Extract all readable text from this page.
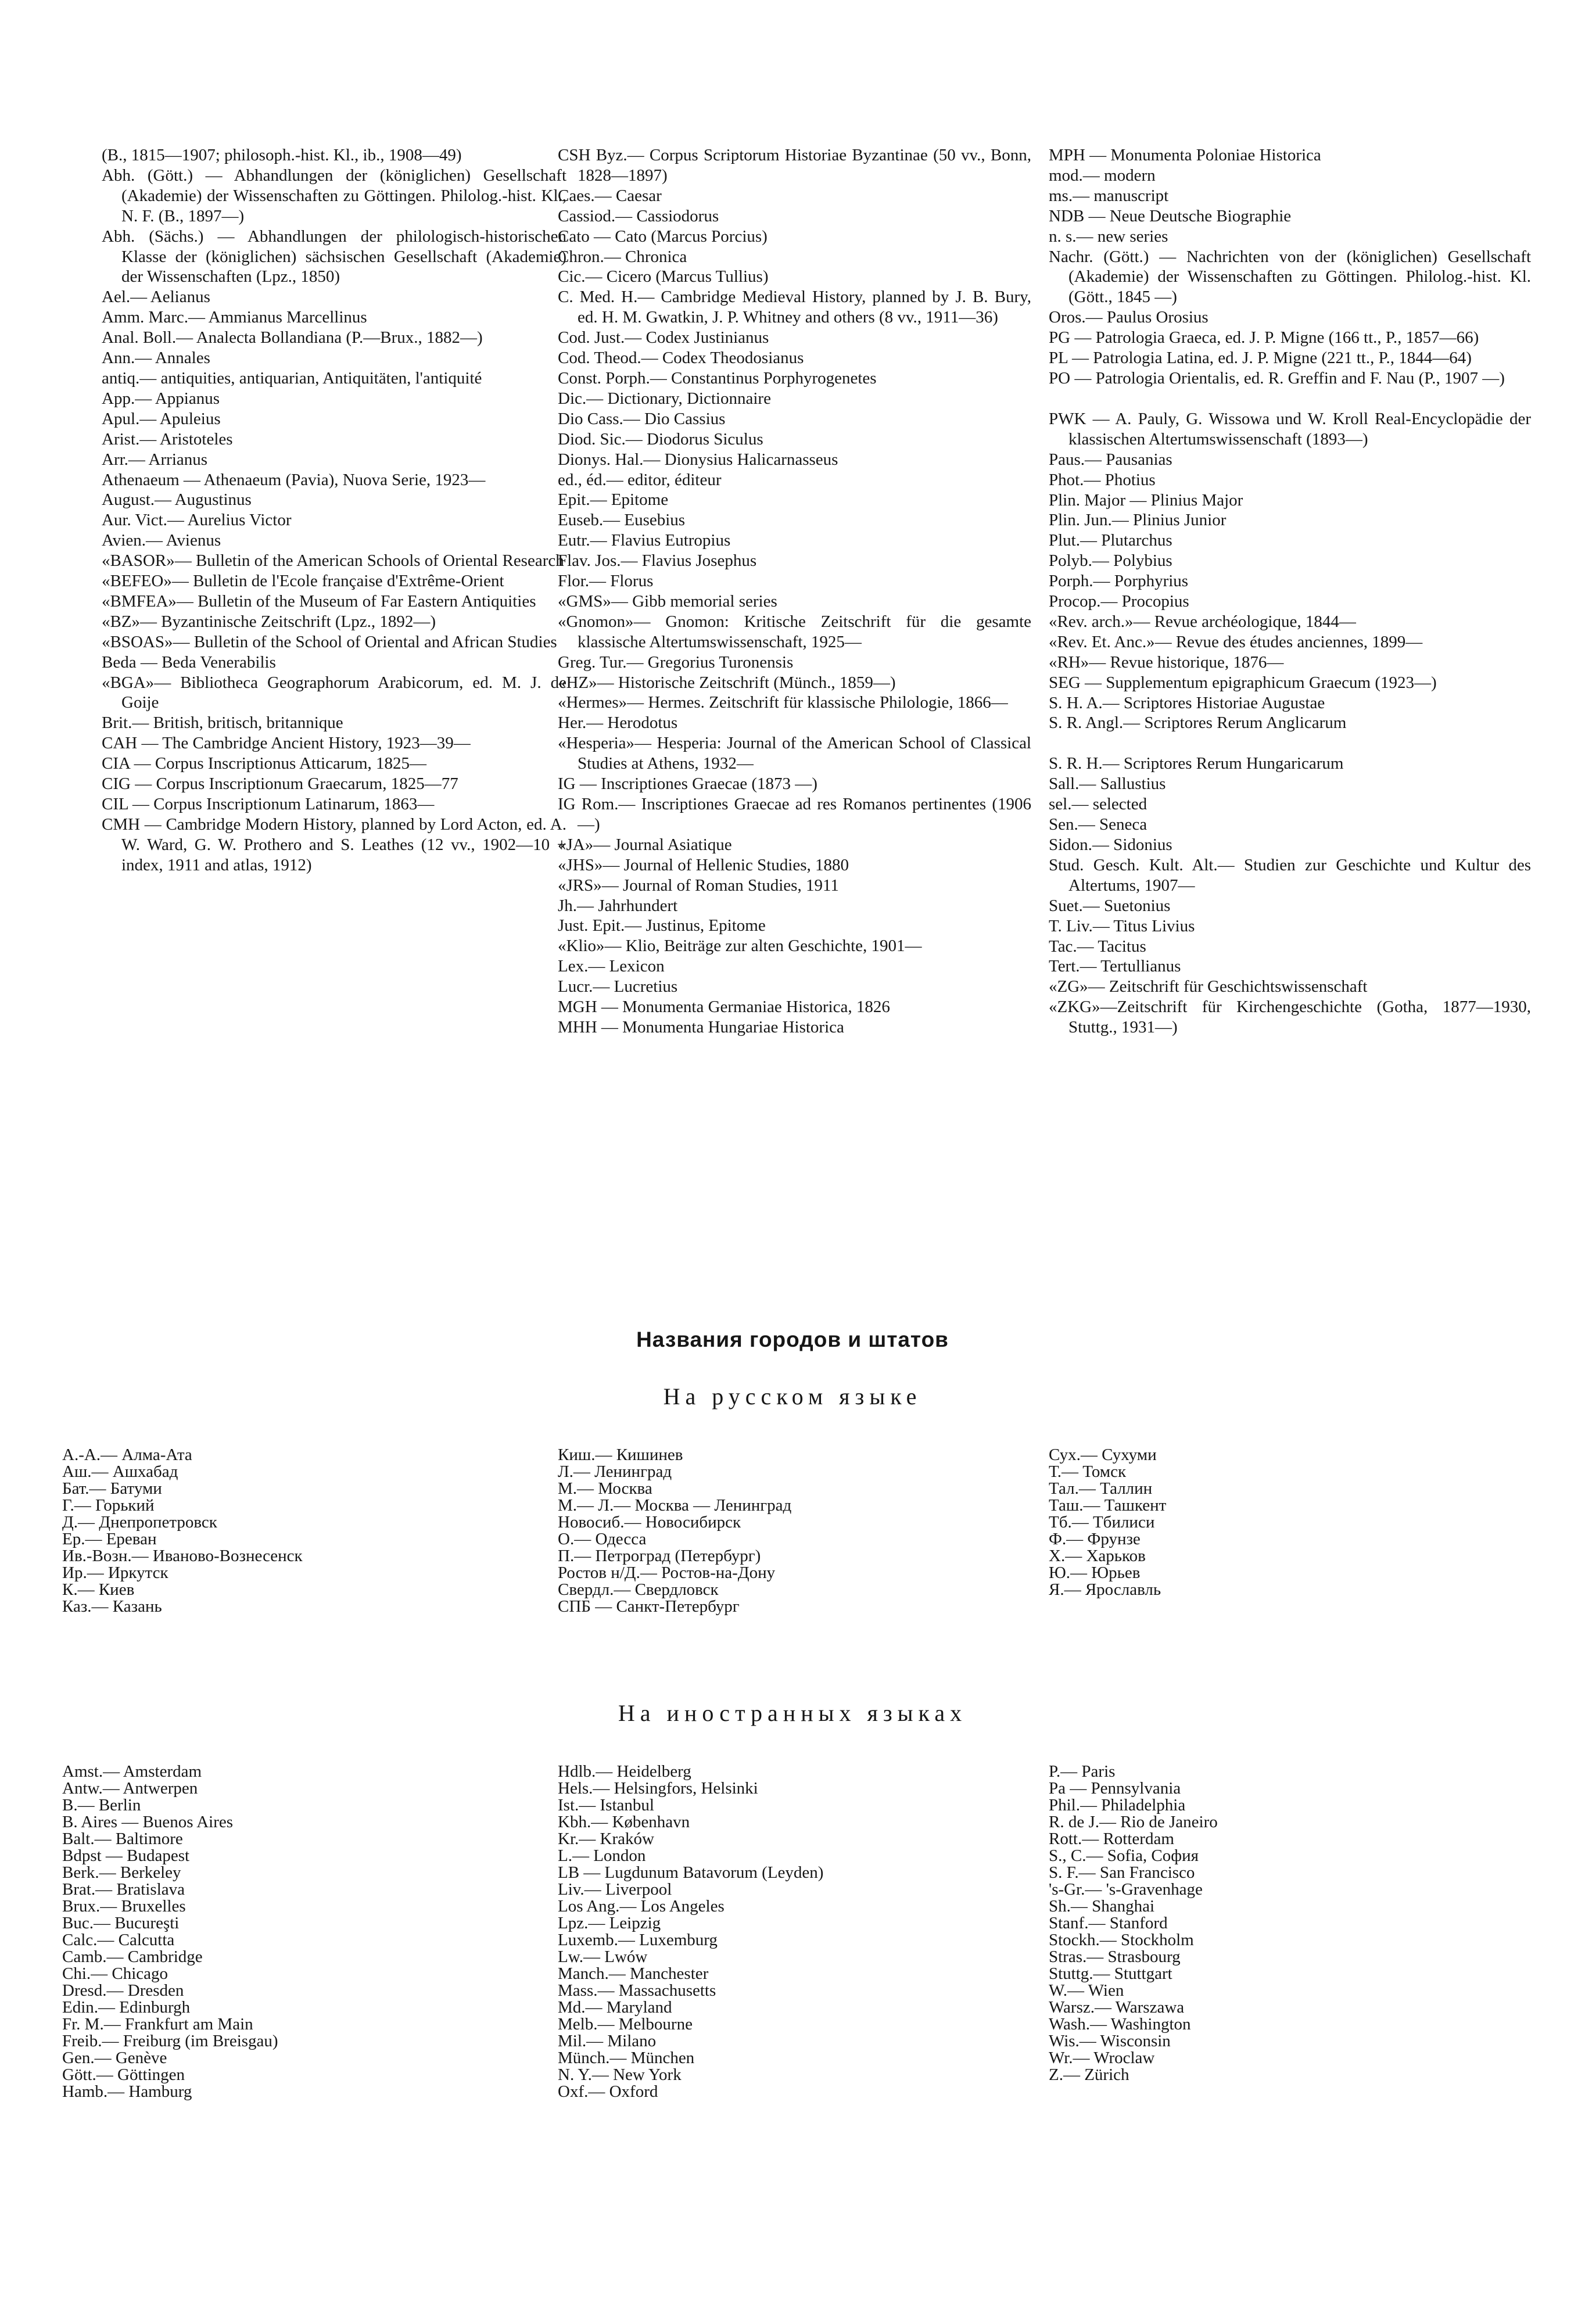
(B., 1815—1907; philosoph.-hist. Kl., ib., 1908—49)
Abh. (Gött.) — Abhandlungen der (königlichen) Gesellschaft (Akademie) der Wissenschaften zu Göttingen. Philolog.-hist. Kl., N. F. (B., 1897—)
Abh. (Sächs.) — Abhandlungen der philologisch-historischen Klasse der (königlichen) sächsischen Gesellschaft (Akademie) der Wissenschaften (Lpz., 1850)
Ael.— Aelianus
Amm. Marc.— Ammianus Marcellinus
Anal. Boll.— Analecta Bollandiana (P.—Brux., 1882—)
Ann.— Annales
antiq.— antiquities, antiquarian, Antiquitäten, l'antiquité
App.— Appianus
Apul.— Apuleius
Arist.— Aristoteles
Arr.— Arrianus
Athenaeum — Athenaeum (Pavia), Nuova Serie, 1923—
August.— Augustinus
Aur. Vict.— Aurelius Victor
Avien.— Avienus
«BASOR»— Bulletin of the American Schools of Oriental Research
«BEFEO»— Bulletin de l'Ecole française d'Extrême-Orient
«BMFEA»— Bulletin of the Museum of Far Eastern Antiquities
«BZ»— Byzantinische Zeitschrift (Lpz., 1892—)
«BSOAS»— Bulletin of the School of Oriental and African Studies
Beda — Beda Venerabilis
«BGA»— Bibliotheca Geographorum Arabicorum, ed. M. J. de Goije
Brit.— British, britisch, britannique
CAH — The Cambridge Ancient History, 1923—39—
CIA — Corpus Inscriptionus Atticarum, 1825—
CIG — Corpus Inscriptionum Graecarum, 1825—77
CIL — Corpus Inscriptionum Latinarum, 1863—
CMH — Cambridge Modern History, planned by Lord Acton, ed. A. W. Ward, G. W. Prothero and S. Leathes (12 vv., 1902—10 + index, 1911 and atlas, 1912)
CSH Byz.— Corpus Scriptorum Historiae Byzantinae (50 vv., Bonn, 1828—1897)
Caes.— Caesar
Cassiod.— Cassiodorus
Cato — Cato (Marcus Porcius)
Chron.— Chronica
Cic.— Cicero (Marcus Tullius)
C. Med. H.— Cambridge Medieval History, planned by J. B. Bury, ed. H. M. Gwatkin, J. P. Whitney and others (8 vv., 1911—36)
Cod. Just.— Codex Justinianus
Cod. Theod.— Codex Theodosianus
Const. Porph.— Constantinus Porphyrogenetes
Dic.— Dictionary, Dictionnaire
Dio Cass.— Dio Cassius
Diod. Sic.— Diodorus Siculus
Dionys. Hal.— Dionysius Halicarnasseus
ed., éd.— editor, éditeur
Epit.— Epitome
Euseb.— Eusebius
Eutr.— Flavius Eutropius
Flav. Jos.— Flavius Josephus
Flor.— Florus
«GMS»— Gibb memorial series
«Gnomon»— Gnomon: Kritische Zeitschrift für die gesamte klassische Altertumswissenschaft, 1925—
Greg. Tur.— Gregorius Turonensis
«HZ»— Historische Zeitschrift (Münch., 1859—)
«Hermes»— Hermes. Zeitschrift für klassische Philologie, 1866—
Her.— Herodotus
«Hesperia»— Hesperia: Journal of the American School of Classical Studies at Athens, 1932—
IG — Inscriptiones Graecae (1873 —)
IG Rom.— Inscriptiones Graecae ad res Romanos pertinentes (1906 —)
«JA»— Journal Asiatique
«JHS»— Journal of Hellenic Studies, 1880
«JRS»— Journal of Roman Studies, 1911
Jh.— Jahrhundert
Just. Epit.— Justinus, Epitome
«Klio»— Klio, Beiträge zur alten Geschichte, 1901—
Lex.— Lexicon
Lucr.— Lucretius
MGH — Monumenta Germaniae Historica, 1826
MHH — Monumenta Hungariae Historica
MPH — Monumenta Poloniae Historica
mod.— modern
ms.— manuscript
NDB — Neue Deutsche Biographie
n. s.— new series
Nachr. (Gött.) — Nachrichten von der (königlichen) Gesellschaft (Akademie) der Wissenschaften zu Göttingen. Philolog.-hist. Kl. (Gött., 1845 —)
Oros.— Paulus Orosius
PG — Patrologia Graeca, ed. J. P. Migne (166 tt., P., 1857—66)
PL — Patrologia Latina, ed. J. P. Migne (221 tt., P., 1844—64)
PO — Patrologia Orientalis, ed. R. Greffin and F. Nau (P., 1907 —)
PWK — A. Pauly, G. Wissowa und W. Kroll Real-Encyclopädie der klassischen Altertumswissenschaft (1893—)
Paus.— Pausanias
Phot.— Photius
Plin. Major — Plinius Major
Plin. Jun.— Plinius Junior
Plut.— Plutarchus
Polyb.— Polybius
Porph.— Porphyrius
Procop.— Procopius
«Rev. arch.»— Revue archéologique, 1844—
«Rev. Et. Anc.»— Revue des études anciennes, 1899—
«RH»— Revue historique, 1876—
SEG — Supplementum epigraphicum Graecum (1923—)
S. H. A.— Scriptores Historiae Augustae
S. R. Angl.— Scriptores Rerum Anglicarum
S. R. H.— Scriptores Rerum Hungaricarum
Sall.— Sallustius
sel.— selected
Sen.— Seneca
Sidon.— Sidonius
Stud. Gesch. Kult. Alt.— Studien zur Geschichte und Kultur des Altertums, 1907—
Suet.— Suetonius
T. Liv.— Titus Livius
Tac.— Tacitus
Tert.— Tertullianus
«ZG»— Zeitschrift für Geschichtswissenschaft
«ZKG»—Zeitschrift für Kirchengeschichte (Gotha, 1877—1930, Stuttg., 1931—)
Названия городов и штатов
На русском языке
А.-А.— Алма-Ата
Аш.— Ашхабад
Бат.— Батуми
Г.— Горький
Д.— Днепропетровск
Ер.— Ереван
Ив.-Возн.— Иваново-Вознесенск
Ир.— Иркутск
К.— Киев
Каз.— Казань
Киш.— Кишинев
Л.— Ленинград
М.— Москва
М.— Л.— Москва — Ленинград
Новосиб.— Новосибирск
О.— Одесса
П.— Петроград (Петербург)
Ростов н/Д.— Ростов-на-Дону
Свердл.— Свердловск
СПБ — Санкт-Петербург
Сух.— Сухуми
Т.— Томск
Тал.— Таллин
Таш.— Ташкент
Тб.— Тбилиси
Ф.— Фрунзе
Х.— Харьков
Ю.— Юрьев
Я.— Ярославль
На иностранных языках
Amst.— Amsterdam
Antw.— Antwerpen
B.— Berlin
B. Aires — Buenos Aires
Balt.— Baltimore
Bdpst — Budapest
Berk.— Berkeley
Brat.— Bratislava
Brux.— Bruxelles
Buc.— Bucureşti
Calc.— Calcutta
Camb.— Cambridge
Chi.— Chicago
Dresd.— Dresden
Edin.— Edinburgh
Fr. M.— Frankfurt am Main
Freib.— Freiburg (im Breisgau)
Gen.— Genève
Gött.— Göttingen
Hamb.— Hamburg
Hdlb.— Heidelberg
Hels.— Helsingfors, Helsinki
Ist.— Istanbul
Kbh.— København
Kr.— Kraków
L.— London
LB — Lugdunum Batavorum (Leyden)
Liv.— Liverpool
Los Ang.— Los Angeles
Lpz.— Leipzig
Luxemb.— Luxemburg
Lw.— Lwów
Manch.— Manchester
Mass.— Massachusetts
Md.— Maryland
Melb.— Melbourne
Mil.— Milano
Münch.— München
N. Y.— New York
Oxf.— Oxford
P.— Paris
Pa — Pennsylvania
Phil.— Philadelphia
R. de J.— Rio de Janeiro
Rott.— Rotterdam
S., C.— Sofia, София
S. F.— San Francisco
's-Gr.— 's-Gravenhage
Sh.— Shanghai
Stanf.— Stanford
Stockh.— Stockholm
Stras.— Strasbourg
Stuttg.— Stuttgart
W.— Wien
Warsz.— Warszawa
Wash.— Washington
Wis.— Wisconsin
Wr.— Wroclaw
Z.— Zürich
